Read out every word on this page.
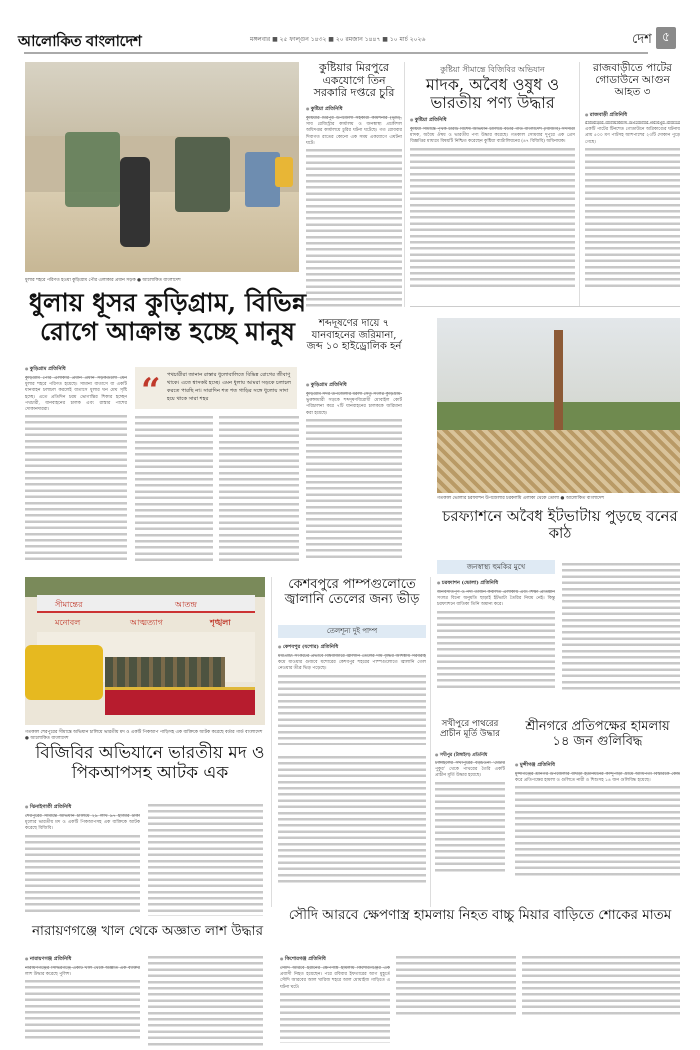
আলোকিত বাংলাদেশ	মঙ্গলবার ■ ২৫ ফাল্গুন ১৪৩২ ■ ২০ রমজান ১৪৪৭ ■ ১০ মার্চ ২০২৬	দেশ ৫
ধুলার শহরে পরিণত হওয়া কুড়িগ্রাম পৌর এলাকার প্রধান সড়ক ● আলোকিত বাংলাদেশ
কুষ্টিয়ার মিরপুরে একযোগে তিন সরকারি দপ্তরে চুরি
● কুষ্টিয়া প্রতিনিধি

কুষ্টিয়ার মিরপুর উপজেলা সহকারী কমিশনার (ভূমি), সাব রেজিস্ট্রার কার্যালয় ও জনস্বাস্থ্য প্রকৌশল অধিদপ্তর কার্যালয়ে চুরির ঘটনা ঘটেছে। গত রোববার দিবাগত রাতের কোনো এক সময় একযোগে এঘটনা ঘটে।

কুষ্টিয়া সীমান্তে বিজিবির অভিযান
মাদক, অবৈধ ওষুধ ও ভারতীয় পণ্য উদ্ধার
● কুষ্টিয়া প্রতিনিধি

কুষ্টিয়া সীমান্তে পৃথক চারটি বিশেষ অভিযান চালিয়ে বর্ডার গার্ড বাংলাদেশ (বিজিবি) সদস্যরা মাদক, অবৈধ ঔষধ ও ভারতীয় পণ্য উদ্ধার করেছে। গতকাল সোমবার দুপুরে এক প্রেস বিজ্ঞপ্তির মাধ্যমে বিষয়টি নিশ্চিত করেছেন কুষ্টিয়া ব্যাটালিয়নের (৪৭ বিজিবি) অধিনায়ক।

রাজবাড়ীতে পাটের গোডাউনে আগুন আহত ৩
● রাজবাড়ী প্রতিনিধি

রাজবাড়ীর বালিয়াকান্দি উপজেলার নবাবপুর বাজারে একটি পাটের টিনশেড গোডাউনে অগ্নিকাণ্ডের ঘটনায় প্রায় ৫০০ মণ পাটসহ আশপাশের ২৩টি দোকান পুড়ে গেছে।

ধুলায় ধূসর কুড়িগ্রাম, বিভিন্ন
রোগে আক্রান্ত হচ্ছে মানুষ	শব্দদূষণের দায়ে ৭ যানবাহনের জরিমানা, জব্দ ১০ হাইড্রোলিক হর্ন
● কুড়িগ্রাম প্রতিনিধি

কুড়িগ্রাম সদর উপজেলার ধরলা সেতু সংলগ্ন কুড়িগ্রাম-ভুরুঙ্গামারী সড়কে শব্দদূষণবিরোধী মোবাইল কোর্ট পরিচালনা করে ৭টি যানবাহনের চালককে জরিমানা করা হয়েছে।

গতকাল ভোলার চরফ্যাশন উপজেলার চরকলমি এলাকা থেকে তোলা ● আলোকিত বাংলাদেশ
“ পথচারীরা জানান রাস্তার ধুলোবালিতে বিভিন্ন রোগের জীবাণু থাকে। এতে শ্বাসকষ্ট হচ্ছে। এমন ধুলায় আমরা সড়কে চলাচল করতে পারছি না। সারাদিন শত শত গাড়ির সঙ্গে ধুলোয় সাদা হয়ে থাকে সারা শহর
● কুড়িগ্রাম প্রতিনিধি

কুড়িগ্রাম পৌর এলাকার প্রধান প্রধান সড়কগুলো যেন ধুলার শহরে পরিণত হয়েছে। সামান্য বাতাসে বা একটি যানবাহন চলাচল করলেই বাতাসে ধুলার ঘন মেঘ সৃষ্টি হচ্ছে। এতে প্রতিদিন চরম ভোগান্তির শিকার হচ্ছেন পথচারী, যানবাহনের চালক এবং রাস্তার পাশের দোকানদাররা।

চরফ্যাশনে অবৈধ ইটভাটায় পুড়ছে বনের কাঠ
জনস্বাস্থ্য হুমকির মুখে
● চরফ্যাশন (ভোলা) প্রতিনিধি

জনবসতিপূর্ণ ও নদী তাজন কবলিত এলাকায় এবং শিক্ষা প্রতিষ্ঠান সংলগ্ন বিনো অনুমতি ছাড়াই ইটভাটা তৈরির নিয়ম নেই। কিন্তু চরফ্যাশনে বাতিকা তিনি অমান্য করে।

সীমান্তের	আতন্দ্র
মনোবল	আত্মত্যাগ	শৃঙ্খলা
গতকাল শেরপুরের সীমান্তে অভিযান চালিয়ে ভারতীয় মদ ও একটি পিকআপ পাড়িসহ এক ব্যক্তিকে আটক করেছে বর্ডার গার্ড বাংলাদেশ ● আলোকিত বাংলাদেশ
বিজিবির অভিযানে ভারতীয় মদ ও পিকআপসহ আটক এক
● ঝিনাইগাতী প্রতিনিধি

শেরপুরের সীমান্তে অভিযান চালিয়ে ২৯ লাখ ৯৭ হাজার টাকা মূল্যের ভারতীয় মদ ও একটি পিকআপসহ এক ব্যক্তিকে আটক করেছে বিজিবি।

কেশবপুরে পাম্পগুলোতে জ্বালানি তেলের জন্য ভীড়
তেলশূন্য দুই পাম্প
● কেশবপুর (যশোর) প্রতিনিধি

মধ্যপ্রাচ্য সংকটের প্রভাবে বিশ্ববাজারে জ্বালানি তেলের দাম বৃদ্ধির আশঙ্কায় সরবরাহ কমে যাওয়ার গুজবে যশোরের কেশবপুর শহরের পাম্পগুলোতে জ্বালানি তেল নেওয়ার তীব্র ভিড় পড়েছে।

সখীপুরে পাথরের প্রাচীন মূর্তি উদ্ধার
● সখীপুর (টাঙ্গাইল) প্রতিনিধি

টাঙ্গাইলের সখীপুরের বড়চওনা 'মেটার পুকুর' থেকে পাথরের তৈরি একটি প্রাচীন মূর্তি উদ্ধার হয়েছে।

শ্রীনগরে প্রতিপক্ষের হামলায় ১৪ জন গুলিবিদ্ধ
● মুন্সীগঞ্জ প্রতিনিধি

মুন্সীগঞ্জের শ্রীনগর উপজেলার বাঘড়া ইউনিয়নের কান্দুপাড়া গ্রামে আধিপত্য বিস্তারকে কেন্দ্র করে প্রতিপক্ষের হামলা ও গুলিতে নারী ও শিশুসহ ১৪ জন গুলিবিদ্ধ হয়েছে।

নারায়ণগঞ্জে খাল থেকে অজ্ঞাত লাশ উদ্ধার
● নারায়ণগঞ্জ প্রতিনিধি

নারায়ণগঞ্জের সিদ্ধিরগঞ্জে একটি খাল থেকে অজ্ঞাত এক ব্যক্তির লাশ উদ্ধার করেছে পুলিশ।

সৌদি আরবে ক্ষেপণাস্ত্র হামলায় নিহত বাচ্চু মিয়ার বাড়িতে শোকের মাতম
● কিশোরগঞ্জ প্রতিনিধি

সৌদি আরবে ইরানের ক্ষেপণাস্ত্র হামলায় কিশোরগঞ্জের এক প্রবাসী নিহত হয়েছেন। পরে রবিবার ইফতারের আগ মুহূর্তে সৌদি আরবের আল খারিজ শহরে আল মোয়াইজ গাড়িতে এ ঘটনা ঘটে।
